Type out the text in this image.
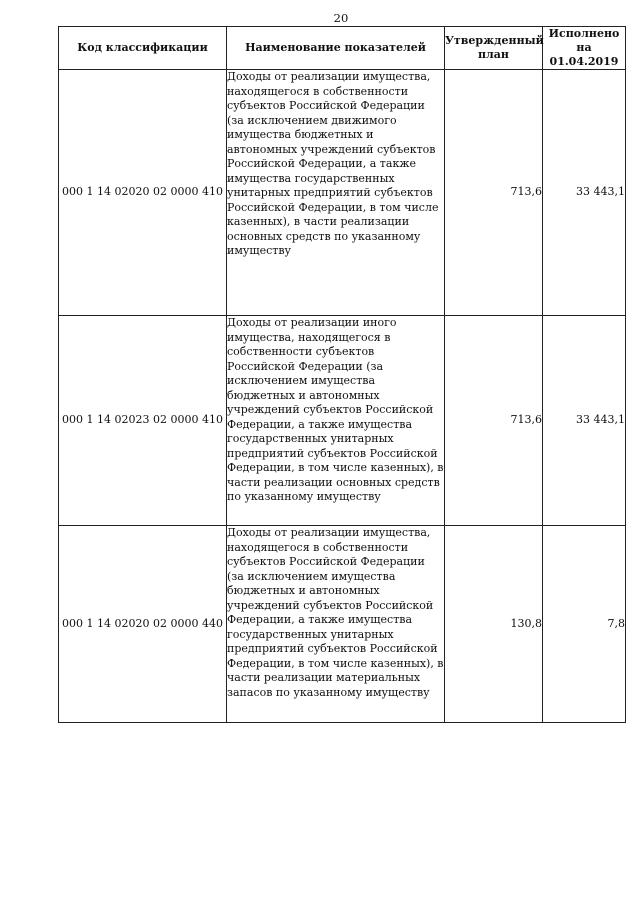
20
Код классификации	Наименование показателей	Утвержденный план	Исполнено на 01.04.2019
000 1 14 02020 02 0000 410	Доходы от реализации имущества, находящегося в собственности субъектов Российской Федерации (за исключением движимого имущества бюджетных и автономных учреждений субъектов Российской Федерации, а также имущества государственных унитарных предприятий субъектов Российской Федерации, в том числе казенных), в части реализации основных средств по указанному имуществу	713,6	33 443,1
000 1 14 02023 02 0000 410	Доходы от реализации иного имущества, находящегося в собственности субъектов Российской Федерации (за исключением имущества бюджетных и автономных учреждений субъектов Российской Федерации, а также имущества государственных унитарных предприятий субъектов Российской Федерации, в том числе казенных), в части реализации основных средств по указанному имуществу	713,6	33 443,1
000 1 14 02020 02 0000 440	Доходы от реализации имущества, находящегося в собственности субъектов Российской Федерации (за исключением имущества бюджетных и автономных учреждений субъектов Российской Федерации, а также имущества государственных унитарных предприятий субъектов Российской Федерации, в том числе казенных), в части реализации материальных запасов по указанному имуществу	130,8	7,8
